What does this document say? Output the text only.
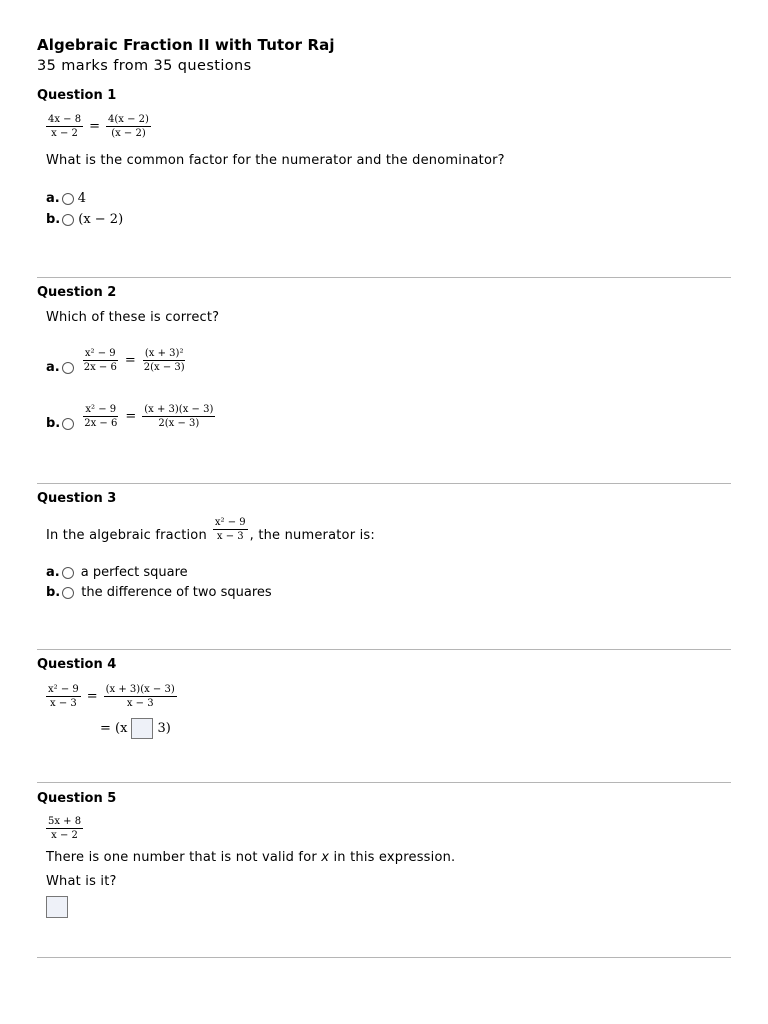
Algebraic Fraction II with Tutor Raj
35 marks from 35 questions
Question 1
$\frac{4x - 8}{x - 2} = \frac{4(x - 2)}{(x - 2)}$
What is the common factor for the numerator and the denominator?
a. 4
b. (x − 2)
Question 2
Which of these is correct?
a. $\frac{\text{x² − 9}}{2x - 6} = \frac{\text{(x + 3)²}}{2(x - 3)}$
b. $\frac{\text{x² − 9}}{2x - 6} = \frac{(x + 3)(x - 3)}{2(x - 3)}$
Question 3
In the algebraic fraction $\frac{\text{x² − 9}}{x - 3}$ , the numerator is:
a. a perfect square
b. the difference of two squares
Question 4
$\frac{\text{x² − 9}}{x - 3} = \frac{(x + 3)(x - 3)}{x - 3}$
= (x 3)
Question 5
$\frac{5x + 8}{x - 2}$
There is one number that is not valid for x in this expression.
What is it?
